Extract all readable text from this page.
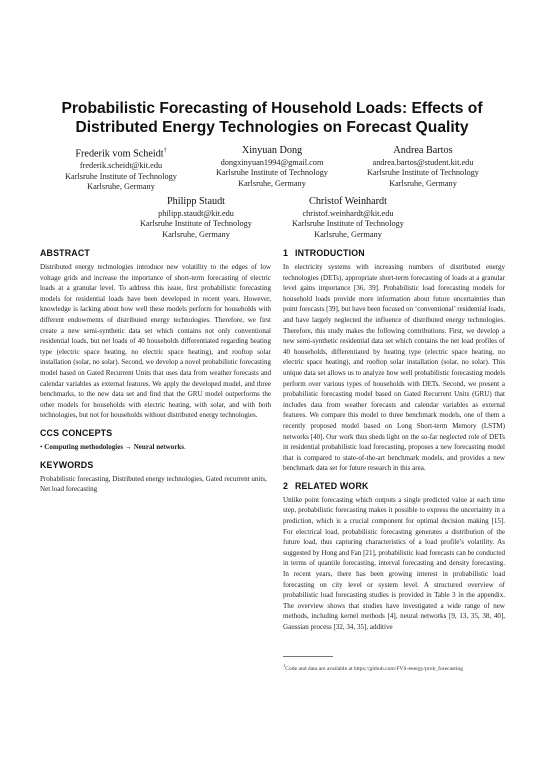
Probabilistic Forecasting of Household Loads: Effects of
Distributed Energy Technologies on Forecast Quality
Frederik vom Scheidt†
frederik.scheidt@kit.edu
Karlsruhe Institute of Technology
Karlsruhe, Germany
Xinyuan Dong
dongxinyuan1994@gmail.com
Karlsruhe Institute of Technology
Karlsruhe, Germany
Andrea Bartos
andrea.bartos@student.kit.edu
Karlsruhe Institute of Technology
Karlsruhe, Germany
Philipp Staudt
philipp.staudt@kit.edu
Karlsruhe Institute of Technology
Karlsruhe, Germany
Christof Weinhardt
christof.weinhardt@kit.edu
Karlsruhe Institute of Technology
Karlsruhe, Germany
ABSTRACT

Distributed energy technologies introduce new volatility to the edges of low voltage grids and increase the importance of short-term forecasting of electric loads at a granular level. To address this issue, first probabilistic forecasting models for residential loads have been developed in recent years. However, knowledge is lacking about how well these models perform for households with different endowments of distributed energy technologies. Therefore, we first create a new semi-synthetic data set which contains not only conventional residential loads, but net loads of 40 households differentiated regarding heating type (electric space heating, no electric space heating), and rooftop solar installation (solar, no solar). Second, we develop a novel probabilistic forecasting model based on Gated Recurrent Units that uses data from weather forecasts and calendar variables as external features. We apply the developed model, and three benchmarks, to the new data set and find that the GRU model outperforms the other models for households with electric heating, with solar, and with both technologies, but not for households without distributed energy technologies.

CCS CONCEPTS

• Computing methodologies → Neural networks.

KEYWORDS

Probabilistic forecasting, Distributed energy technologies, Gated recurrent units, Net load forecasting

1 INTRODUCTION

In electricity systems with increasing numbers of distributed energy technologies (DETs), appropriate short-term forecasting of loads at a granular level gains importance [36, 39]. Probabilistic load forecasting models for household loads provide more information about future uncertainties than point forecasts [39], but have been focused on ‘conventional’ residential loads, and have largely neglected the influence of distributed energy technologies. Therefore, this study makes the following contributions. First, we develop a new semi-synthetic residential data set which contains the net load profiles of 40 households, differentiated by heating type (electric space heating, no electric space heating), and rooftop solar installation (solar, no solar). This unique data set allows us to analyze how well probabilistic forecasting models perform over various types of households with DETs. Second, we present a probabilistic forecasting model based on Gated Recurrent Units (GRU) that includes data from weather forecasts and calendar variables as external features. We compare this model to three benchmark models, one of them a recently proposed model based on Long Short-term Memory (LSTM) networks [40]. Our work thus sheds light on the so-far neglected role of DETs in residential probabilistic load forecasting, proposes a new forecasting model that is compared to state-of-the-art benchmark models, and provides a new benchmark data set for future research in this area.

2 RELATED WORK

Unlike point forecasting which outputs a single predicted value at each time step, probabilistic forecasting makes it possible to express the uncertainty in a prediction, which is a crucial component for optimal decision making [15]. For electrical load, probabilistic forecasting generates a distribution of the future load, thus capturing characteristics of a load profile’s volatility. As suggested by Hong and Fan [21], probabilistic load forecasts can be conducted in terms of quantile forecasting, interval forecasting and density forecasting. In recent years, there has been growing interest in probabilistic load forecasting on city level or system level. A structured overview of probabilistic load forecasting studies is provided in Table 3 in the appendix. The overview shows that studies have investigated a wide range of new methods, including kernel methods [4], neural networks [9, 13, 35, 38, 40], Gaussian process [32, 34, 35], additive

$^1$Code and data are available at https://github.com/FVS-energy/prob_forecasting
